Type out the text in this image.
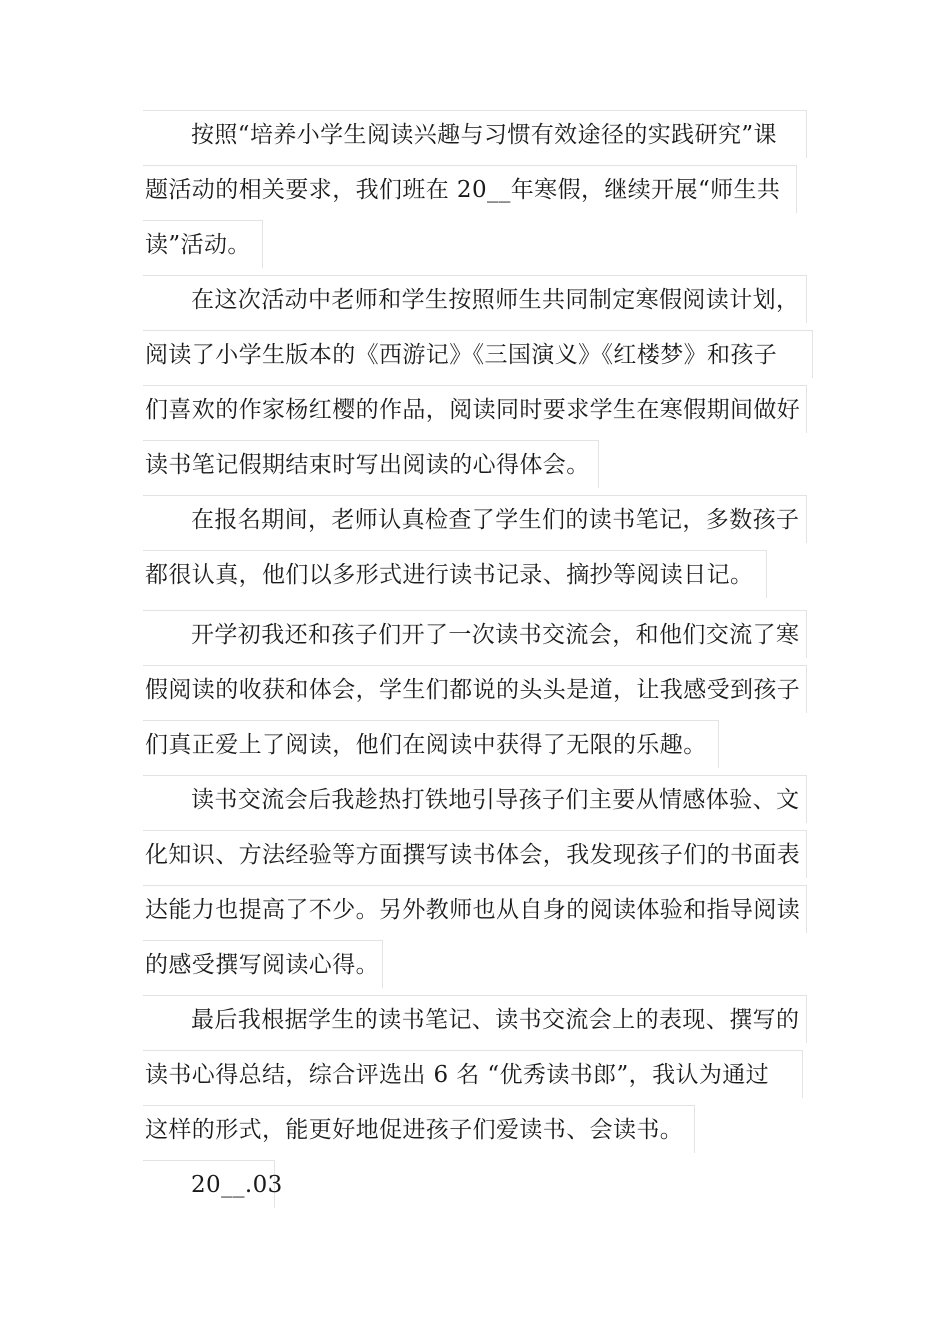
按照“培养小学生阅读兴趣与习惯有效途径的实践研究”课
题活动的相关要求，我们班在 20__年寒假，继续开展“师生共
读”活动。
在这次活动中老师和学生按照师生共同制定寒假阅读计划，
阅读了小学生版本的《西游记》《三国演义》《红楼梦》和孩子
们喜欢的作家杨红樱的作品，阅读同时要求学生在寒假期间做好
读书笔记假期结束时写出阅读的心得体会。
在报名期间，老师认真检查了学生们的读书笔记，多数孩子
都很认真，他们以多形式进行读书记录、摘抄等阅读日记。
开学初我还和孩子们开了一次读书交流会，和他们交流了寒
假阅读的收获和体会，学生们都说的头头是道，让我感受到孩子
们真正爱上了阅读，他们在阅读中获得了无限的乐趣。
读书交流会后我趁热打铁地引导孩子们主要从情感体验、文
化知识、方法经验等方面撰写读书体会，我发现孩子们的书面表
达能力也提高了不少。另外教师也从自身的阅读体验和指导阅读
的感受撰写阅读心得。
最后我根据学生的读书笔记、读书交流会上的表现、撰写的
读书心得总结，综合评选出 6 名 “优秀读书郎”，我认为通过
这样的形式，能更好地促进孩子们爱读书、会读书。
20__.03
